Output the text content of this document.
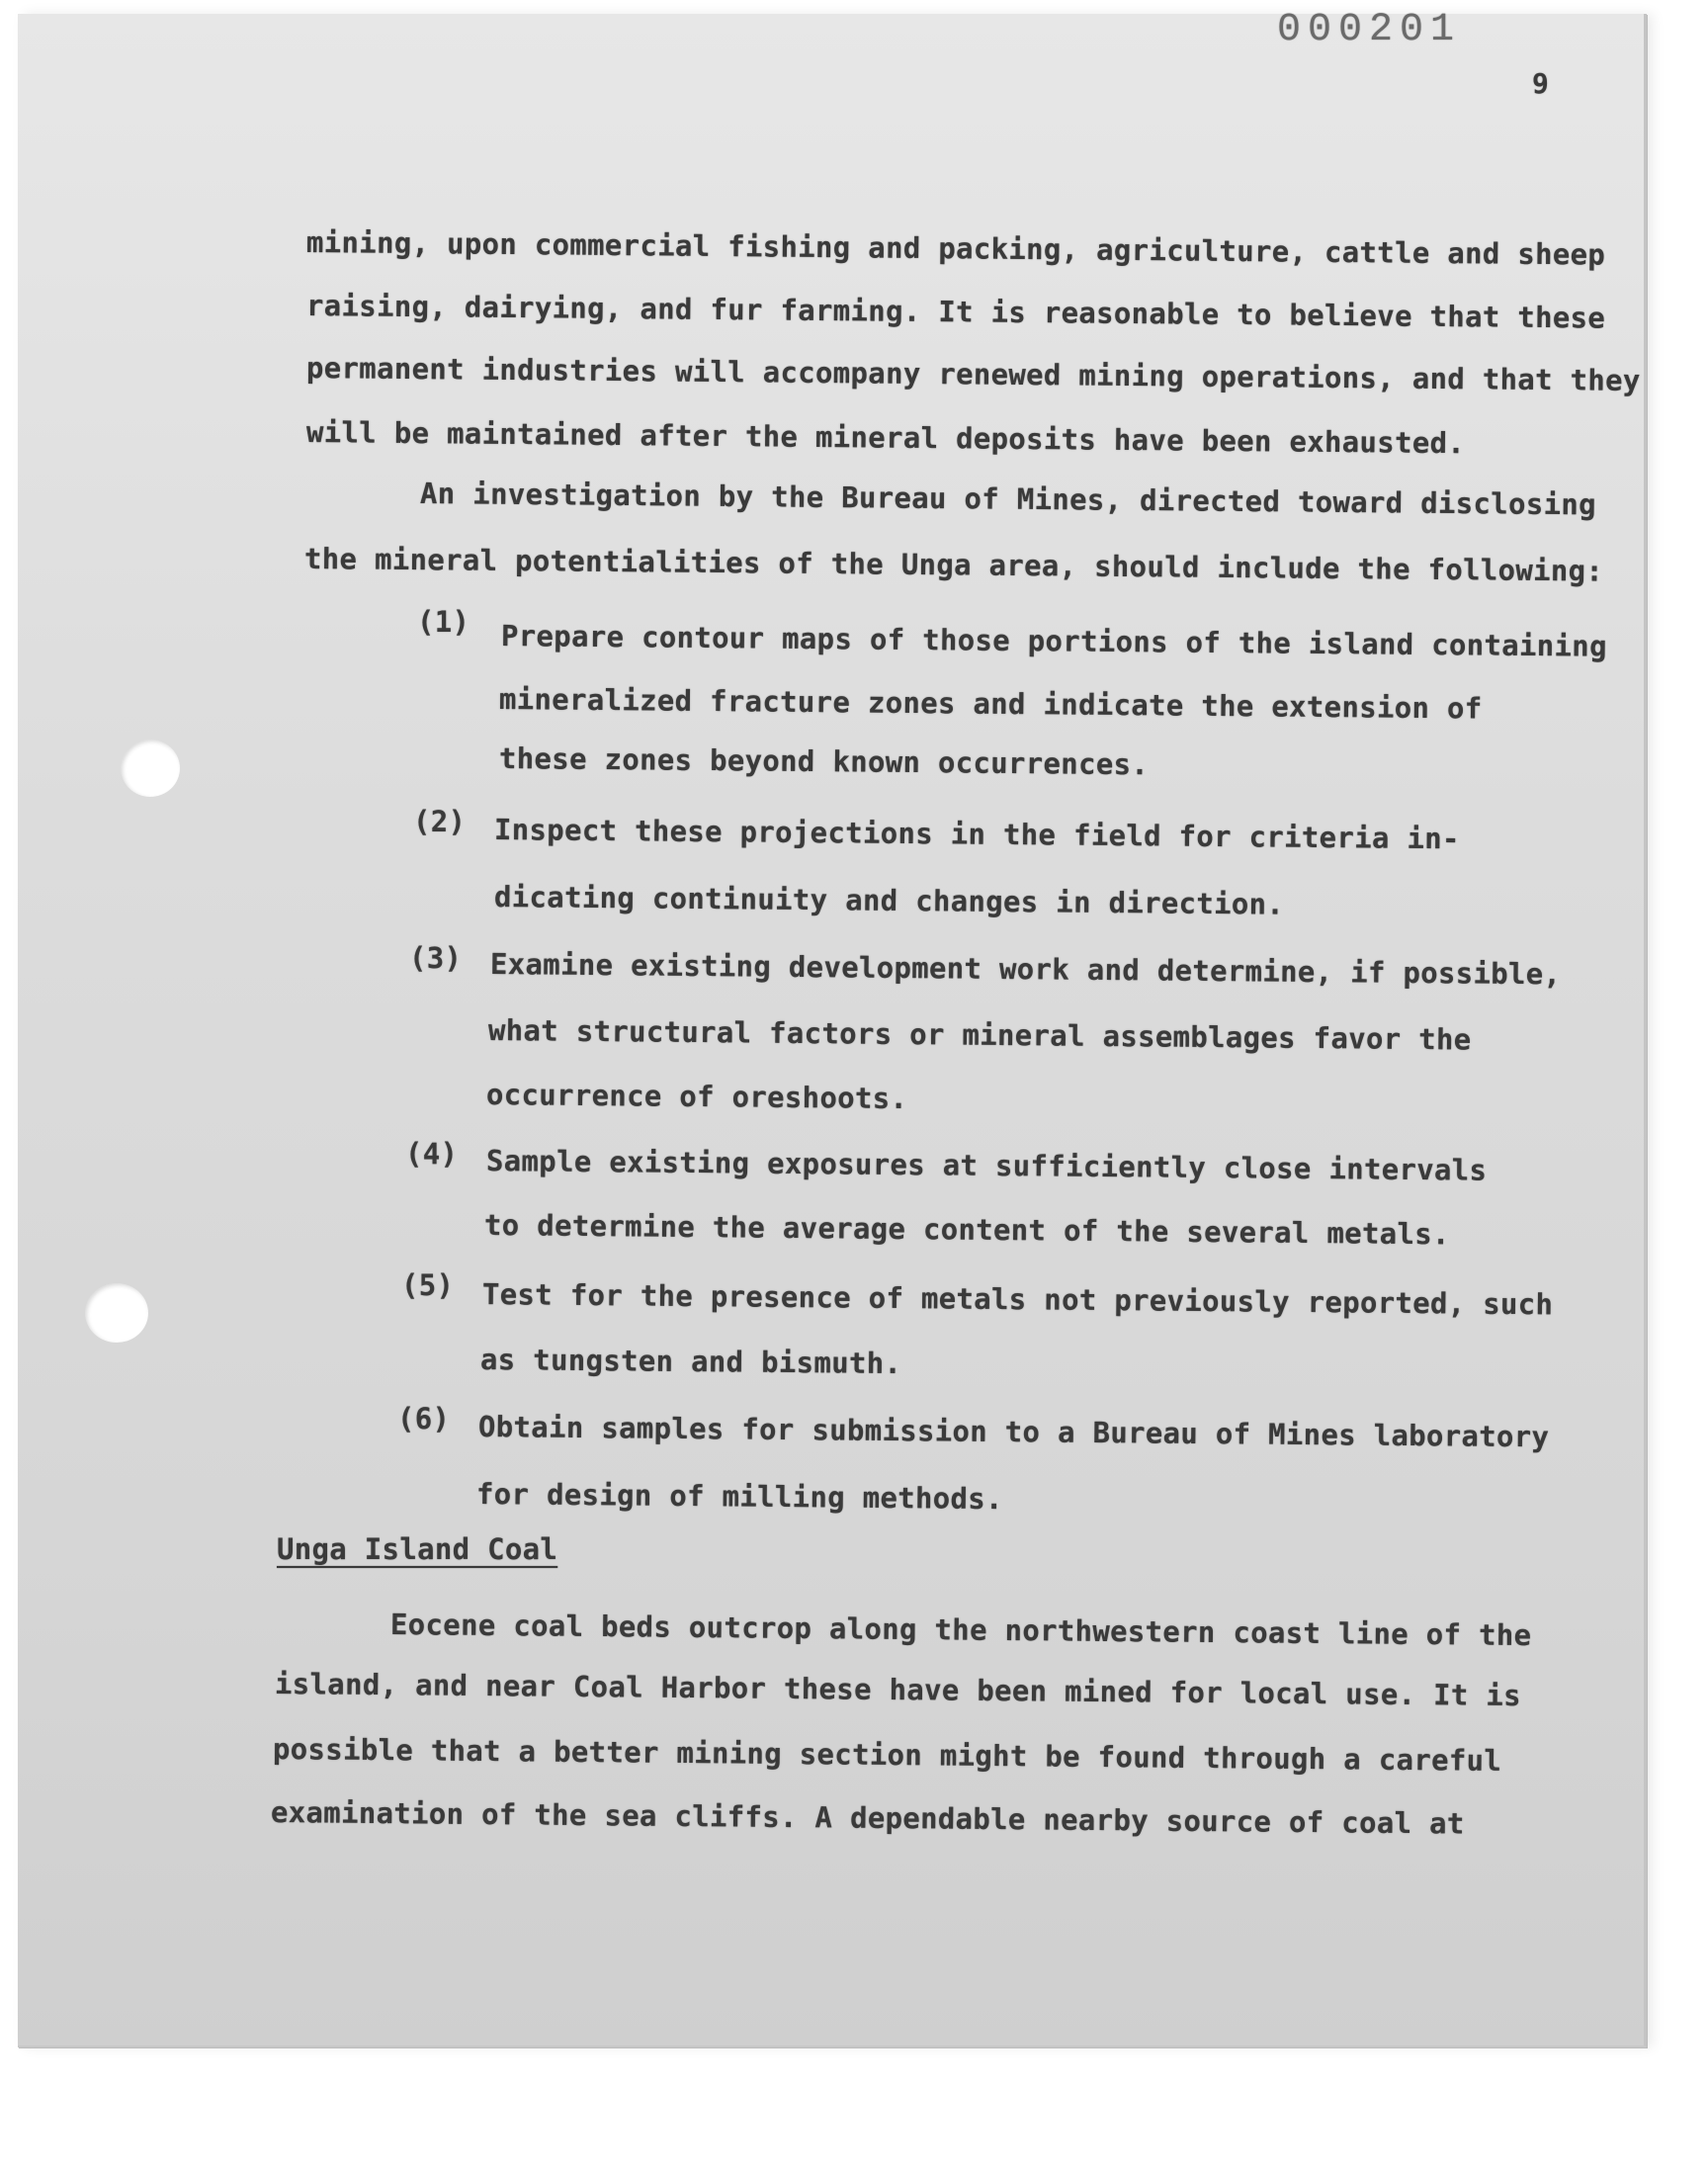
000201
9
mining, upon commercial fishing and packing, agriculture, cattle and sheep
raising, dairying, and fur farming. It is reasonable to believe that these
permanent industries will accompany renewed mining operations, and that they
will be maintained after the mineral deposits have been exhausted.
An investigation by the Bureau of Mines, directed toward disclosing
the mineral potentialities of the Unga area, should include the following:
(1) Prepare contour maps of those portions of the island containing
mineralized fracture zones and indicate the extension of
these zones beyond known occurrences.
(2) Inspect these projections in the field for criteria in-
dicating continuity and changes in direction.
(3) Examine existing development work and determine, if possible,
what structural factors or mineral assemblages favor the
occurrence of oreshoots.
(4) Sample existing exposures at sufficiently close intervals
to determine the average content of the several metals.
(5) Test for the presence of metals not previously reported, such
as tungsten and bismuth.
(6) Obtain samples for submission to a Bureau of Mines laboratory
for design of milling methods.
Unga Island Coal
Eocene coal beds outcrop along the northwestern coast line of the
island, and near Coal Harbor these have been mined for local use. It is
possible that a better mining section might be found through a careful
examination of the sea cliffs. A dependable nearby source of coal at
